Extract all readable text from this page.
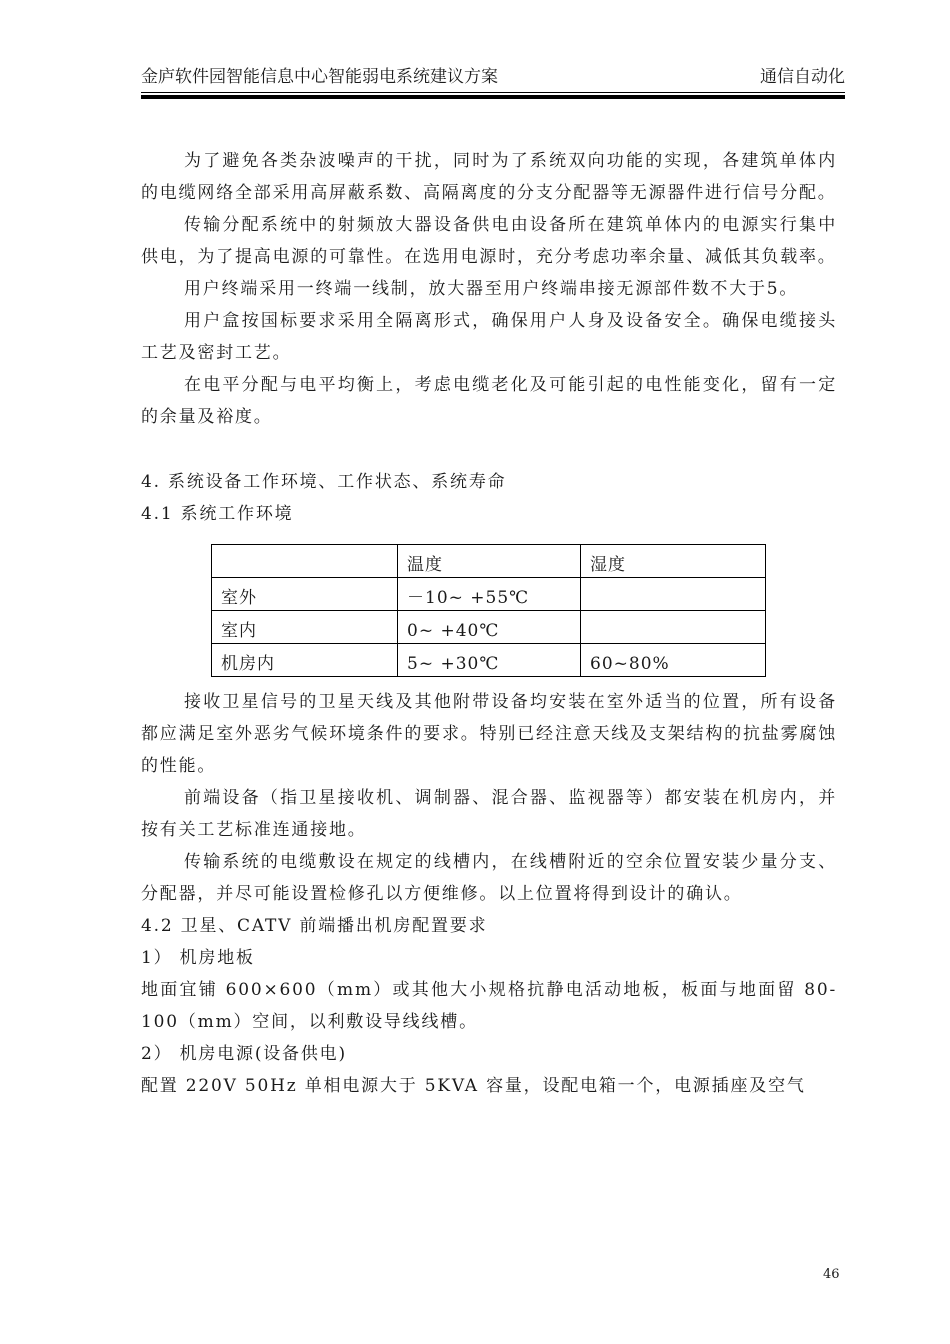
金庐软件园智能信息中心智能弱电系统建议方案	通信自动化

为了避免各类杂波噪声的干扰，同时为了系统双向功能的实现，各建筑单体内的电缆网络全部采用高屏蔽系数、高隔离度的分支分配器等无源器件进行信号分配。

传输分配系统中的射频放大器设备供电由设备所在建筑单体内的电源实行集中供电，为了提高电源的可靠性。在选用电源时，充分考虑功率余量、减低其负载率。

用户终端采用一终端一线制，放大器至用户终端串接无源部件数不大于5。

用户盒按国标要求采用全隔离形式，确保用户人身及设备安全。确保电缆接头工艺及密封工艺。

在电平分配与电平均衡上，考虑电缆老化及可能引起的电性能变化，留有一定的余量及裕度。

4. 系统设备工作环境、工作状态、系统寿命

4.1 系统工作环境

	温度	湿度
室外	－10~ +55℃	
室内	0~ +40℃	
机房内	5~ +30℃	60~80%

接收卫星信号的卫星天线及其他附带设备均安装在室外适当的位置，所有设备都应满足室外恶劣气候环境条件的要求。特别已经注意天线及支架结构的抗盐雾腐蚀的性能。

前端设备（指卫星接收机、调制器、混合器、监视器等）都安装在机房内，并按有关工艺标准连通接地。

传输系统的电缆敷设在规定的线槽内，在线槽附近的空余位置安装少量分支、分配器，并尽可能设置检修孔以方便维修。以上位置将得到设计的确认。

4.2 卫星、CATV 前端播出机房配置要求

1） 机房地板

地面宜铺 600×600（mm）或其他大小规格抗静电活动地板，板面与地面留 80-100（mm）空间，以利敷设导线线槽。

2） 机房电源(设备供电)

配置 220V 50Hz 单相电源大于 5KVA 容量，设配电箱一个，电源插座及空气

46
